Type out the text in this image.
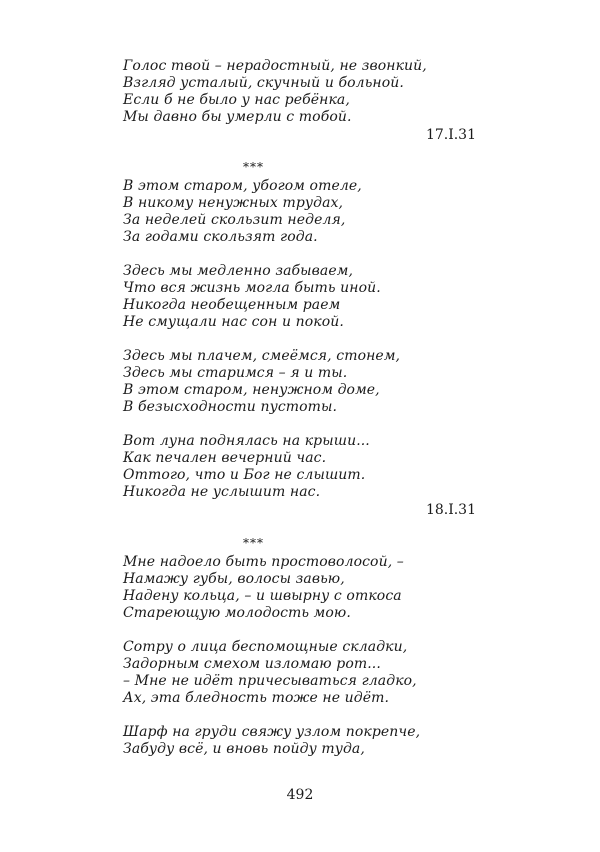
Голос твой – нерадостный, не звонкий,
Взгляд усталый, скучный и больной.
Если б не было у нас ребёнка,
Мы давно бы умерли с тобой.
17.I.31
***
В этом старом, убогом отеле,
В никому ненужных трудах,
За неделей скользит неделя,
За годами скользят года.
Здесь мы медленно забываем,
Что вся жизнь могла быть иной.
Никогда необещенным раем
Не смущали нас сон и покой.
Здесь мы плачем, смеёмся, стонем,
Здесь мы старимся – я и ты.
В этом старом, ненужном доме,
В безысходности пустоты.
Вот луна поднялась на крыши...
Как печален вечерний час.
Оттого, что и Бог не слышит.
Никогда не услышит нас.
18.I.31
***
Мне надоело быть простоволосой, –
Намажу губы, волосы завью,
Надену кольца, – и швырну с откоса
Стареющую молодость мою.
Сотру о лица беспомощные складки,
Задорным смехом изломаю рот...
– Мне не идёт причесываться гладко,
Ах, эта бледность тоже не идёт.
Шарф на груди свяжу узлом покрепче,
Забуду всё, и вновь пойду туда,
492
